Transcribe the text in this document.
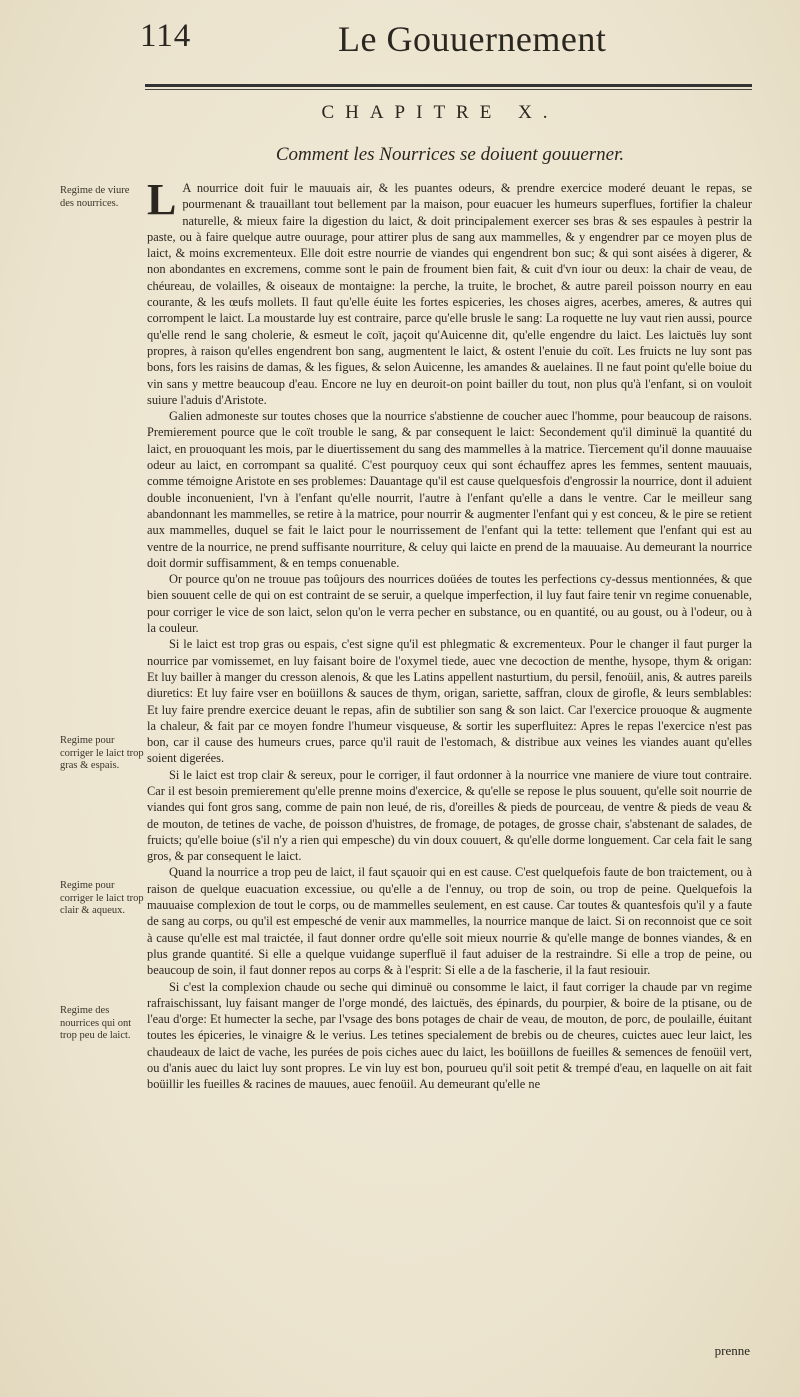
114	Le Gouuernement
CHAPITRE X.
Comment les Nourrices se doiuent gouuerner.
Regime de viure des nourrices.
Regime pour corriger le laict trop gras & espais.
Regime pour corriger le laict trop clair & aqueux.
Regime des nourrices qui ont trop peu de laict.

L A nourrice doit fuir le mauuais air, & les puantes odeurs, & prendre exercice moderé deuant le repas, se pourmenant & trauaillant tout bellement par la maison, pour euacuer les humeurs superflues, fortifier la chaleur naturelle, & mieux faire la digestion du laict, & doit principalement exercer ses bras & ses espaules à pestrir la paste, ou à faire quelque autre ouurage, pour attirer plus de sang aux mammelles, & y engendrer par ce moyen plus de laict, & moins excrementeux. Elle doit estre nourrie de viandes qui engendrent bon suc; & qui sont aisées à digerer, & non abondantes en excremens, comme sont le pain de froument bien fait, & cuit d'vn iour ou deux: la chair de veau, de chéureau, de volailles, & oiseaux de montaigne: la perche, la truite, le brochet, & autre pareil poisson nourry en eau courante, & les œufs mollets. Il faut qu'elle éuite les fortes espiceries, les choses aigres, acerbes, ameres, & autres qui corrompent le laict. La moustarde luy est contraire, parce qu'elle brusle le sang: La roquette ne luy vaut rien aussi, pource qu'elle rend le sang cholerie, & esmeut le coït, jaçoit qu'Auicenne dit, qu'elle engendre du laict. Les laictuës luy sont propres, à raison qu'elles engendrent bon sang, augmentent le laict, & ostent l'enuie du coït. Les fruicts ne luy sont pas bons, fors les raisins de damas, & les figues, & selon Auicenne, les amandes & auelaines. Il ne faut point qu'elle boiue du vin sans y mettre beaucoup d'eau. Encore ne luy en deuroit-on point bailler du tout, non plus qu'à l'enfant, si on vouloit suiure l'aduis d'Aristote.

Galien admoneste sur toutes choses que la nourrice s'abstienne de coucher auec l'homme, pour beaucoup de raisons. Premierement pource que le coït trouble le sang, & par consequent le laict: Secondement qu'il diminuë la quantité du laict, en prouoquant les mois, par le diuertissement du sang des mammelles à la matrice. Tiercement qu'il donne mauuaise odeur au laict, en corrompant sa qualité. C'est pourquoy ceux qui sont échauffez apres les femmes, sentent mauuais, comme témoigne Aristote en ses problemes: Dauantage qu'il est cause quelquesfois d'engrossir la nourrice, dont il aduient double inconuenient, l'vn à l'enfant qu'elle nourrit, l'autre à l'enfant qu'elle a dans le ventre. Car le meilleur sang abandonnant les mammelles, se retire à la matrice, pour nourrir & augmenter l'enfant qui y est conceu, & le pire se retient aux mammelles, duquel se fait le laict pour le nourrissement de l'enfant qui la tette: tellement que l'enfant qui est au ventre de la nourrice, ne prend suffisante nourriture, & celuy qui laicte en prend de la mauuaise. Au demeurant la nourrice doit dormir suffisamment, & en temps conuenable.

Or pource qu'on ne trouue pas toûjours des nourrices doüées de toutes les perfections cy-dessus mentionnées, & que bien souuent celle de qui on est contraint de se seruir, a quelque imperfection, il luy faut faire tenir vn regime conuenable, pour corriger le vice de son laict, selon qu'on le verra pecher en substance, ou en quantité, ou au goust, ou à l'odeur, ou à la couleur.

Si le laict est trop gras ou espais, c'est signe qu'il est phlegmatic & excrementeux. Pour le changer il faut purger la nourrice par vomissemet, en luy faisant boire de l'oxymel tiede, auec vne decoction de menthe, hysope, thym & origan: Et luy bailler à manger du cresson alenois, & que les Latins appellent nasturtium, du persil, fenoüil, anis, & autres pareils diuretics: Et luy faire vser en boüillons & sauces de thym, origan, sariette, saffran, cloux de girofle, & leurs semblables: Et luy faire prendre exercice deuant le repas, afin de subtilier son sang & son laict. Car l'exercice prouoque & augmente la chaleur, & fait par ce moyen fondre l'humeur visqueuse, & sortir les superfluitez: Apres le repas l'exercice n'est pas bon, car il cause des humeurs crues, parce qu'il rauit de l'estomach, & distribue aux veines les viandes auant qu'elles soient digerées.

Si le laict est trop clair & sereux, pour le corriger, il faut ordonner à la nourrice vne maniere de viure tout contraire. Car il est besoin premierement qu'elle prenne moins d'exercice, & qu'elle se repose le plus souuent, qu'elle soit nourrie de viandes qui font gros sang, comme de pain non leué, de ris, d'oreilles & pieds de pourceau, de ventre & pieds de veau & de mouton, de tetines de vache, de poisson d'huistres, de fromage, de potages, de grosse chair, s'abstenant de salades, de fruicts; qu'elle boiue (s'il n'y a rien qui empesche) du vin doux couuert, & qu'elle dorme longuement. Car cela fait le sang gros, & par consequent le laict.

Quand la nourrice a trop peu de laict, il faut sçauoir qui en est cause. C'est quelquefois faute de bon traictement, ou à raison de quelque euacuation excessiue, ou qu'elle a de l'ennuy, ou trop de soin, ou trop de peine. Quelquefois la mauuaise complexion de tout le corps, ou de mammelles seulement, en est cause. Car toutes & quantesfois qu'il y a faute de sang au corps, ou qu'il est empesché de venir aux mammelles, la nourrice manque de laict. Si on reconnoist que ce soit à cause qu'elle est mal traictée, il faut donner ordre qu'elle soit mieux nourrie & qu'elle mange de bonnes viandes, & en plus grande quantité. Si elle a quelque vuidange superfluë il faut aduiser de la restraindre. Si elle a trop de peine, ou beaucoup de soin, il faut donner repos au corps & à l'esprit: Si elle a de la fascherie, il la faut resiouir.

Si c'est la complexion chaude ou seche qui diminuë ou consomme le laict, il faut corriger la chaude par vn regime rafraischissant, luy faisant manger de l'orge mondé, des laictuës, des épinards, du pourpier, & boire de la ptisane, ou de l'eau d'orge: Et humecter la seche, par l'vsage des bons potages de chair de veau, de mouton, de porc, de poulaille, éuitant toutes les épiceries, le vinaigre & le verius. Les tetines specialement de brebis ou de cheures, cuictes auec leur laict, les chaudeaux de laict de vache, les purées de pois ciches auec du laict, les boüillons de fueilles & semences de fenoüil vert, ou d'anis auec du laict luy sont propres. Le vin luy est bon, pourueu qu'il soit petit & trempé d'eau, en laquelle on ait fait boüillir les fueilles & racines de mauues, auec fenoüil. Au demeurant qu'elle ne

prenne
